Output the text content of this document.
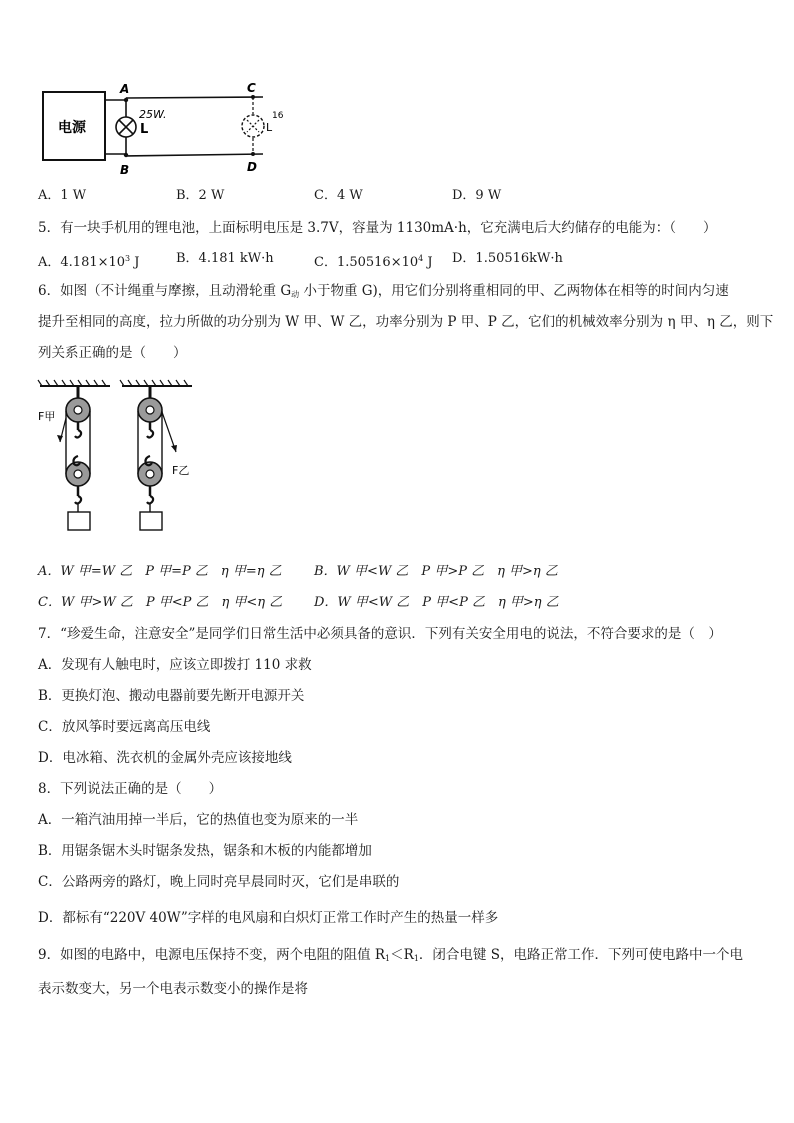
电源	L
25W.
A
B
C
D
L
16
A．1 W	B．2 W	C．4 W	D．9 W
5．有一块手机用的锂电池，上面标明电压是 3.7V，容量为 1130mA·h，它充满电后大约储存的电能为：（　　）
A．$4.181\times 10^3$ J	B．4.181 kW·h	C．$1.50516\times 10^4$ J D．1.50516kW·h
6．如图（不计绳重与摩擦，且动滑轮重 $G_动$ 小于物重 G)，用它们分别将重相同的甲、乙两物体在相等的时间内匀速
提升至相同的高度，拉力所做的功分别为 W 甲、W 乙，功率分别为 P 甲、P 乙，它们的机械效率分别为 η 甲、η 乙，则下
列关系正确的是（　　）
F甲
F乙
A．W 甲=W 乙　P 甲=P 乙　η 甲=η 乙 B．W 甲<W 乙　P 甲>P 乙　η 甲>η 乙
C．W 甲>W 乙　P 甲<P 乙　η 甲<η 乙 D．W 甲<W 乙　P 甲<P 乙　η 甲>η 乙
7．“珍爱生命，注意安全”是同学们日常生活中必须具备的意识．下列有关安全用电的说法，不符合要求的是（　）
A．发现有人触电时，应该立即拨打 110 求救
B．更换灯泡、搬动电器前要先断开电源开关
C．放风筝时要远离高压电线
D．电冰箱、洗衣机的金属外壳应该接地线
8．下列说法正确的是（　　）
A．一箱汽油用掉一半后，它的热值也变为原来的一半
B．用锯条锯木头时锯条发热，锯条和木板的内能都增加
C．公路两旁的路灯，晚上同时亮早晨同时灭，它们是串联的
D．都标有“220V 40W”字样的电风扇和白炽灯正常工作时产生的热量一样多
9．如图的电路中，电源电压保持不变，两个电阻的阻值 $R_1<R_1$．闭合电键 S，电路正常工作．下列可使电路中一个电
表示数变大，另一个电表示数变小的操作是将
